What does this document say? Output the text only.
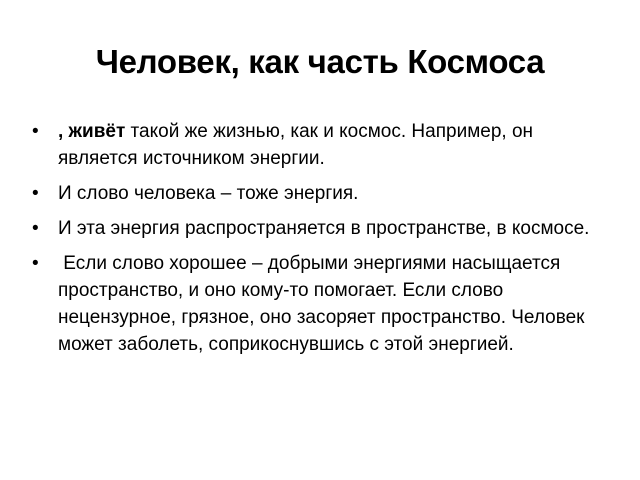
Человек, как часть Космоса
•	, живёт такой же жизнью, как и космос. Например, он является источником энергии.
•	И слово человека – тоже энергия.
•	И эта энергия распространяется в пространстве, в космосе.
•	Если слово хорошее – добрыми энергиями насыщается пространство, и оно кому-то помогает. Если слово нецензурное, грязное, оно засоряет пространство. Человек может заболеть, соприкоснувшись с этой энергией.
